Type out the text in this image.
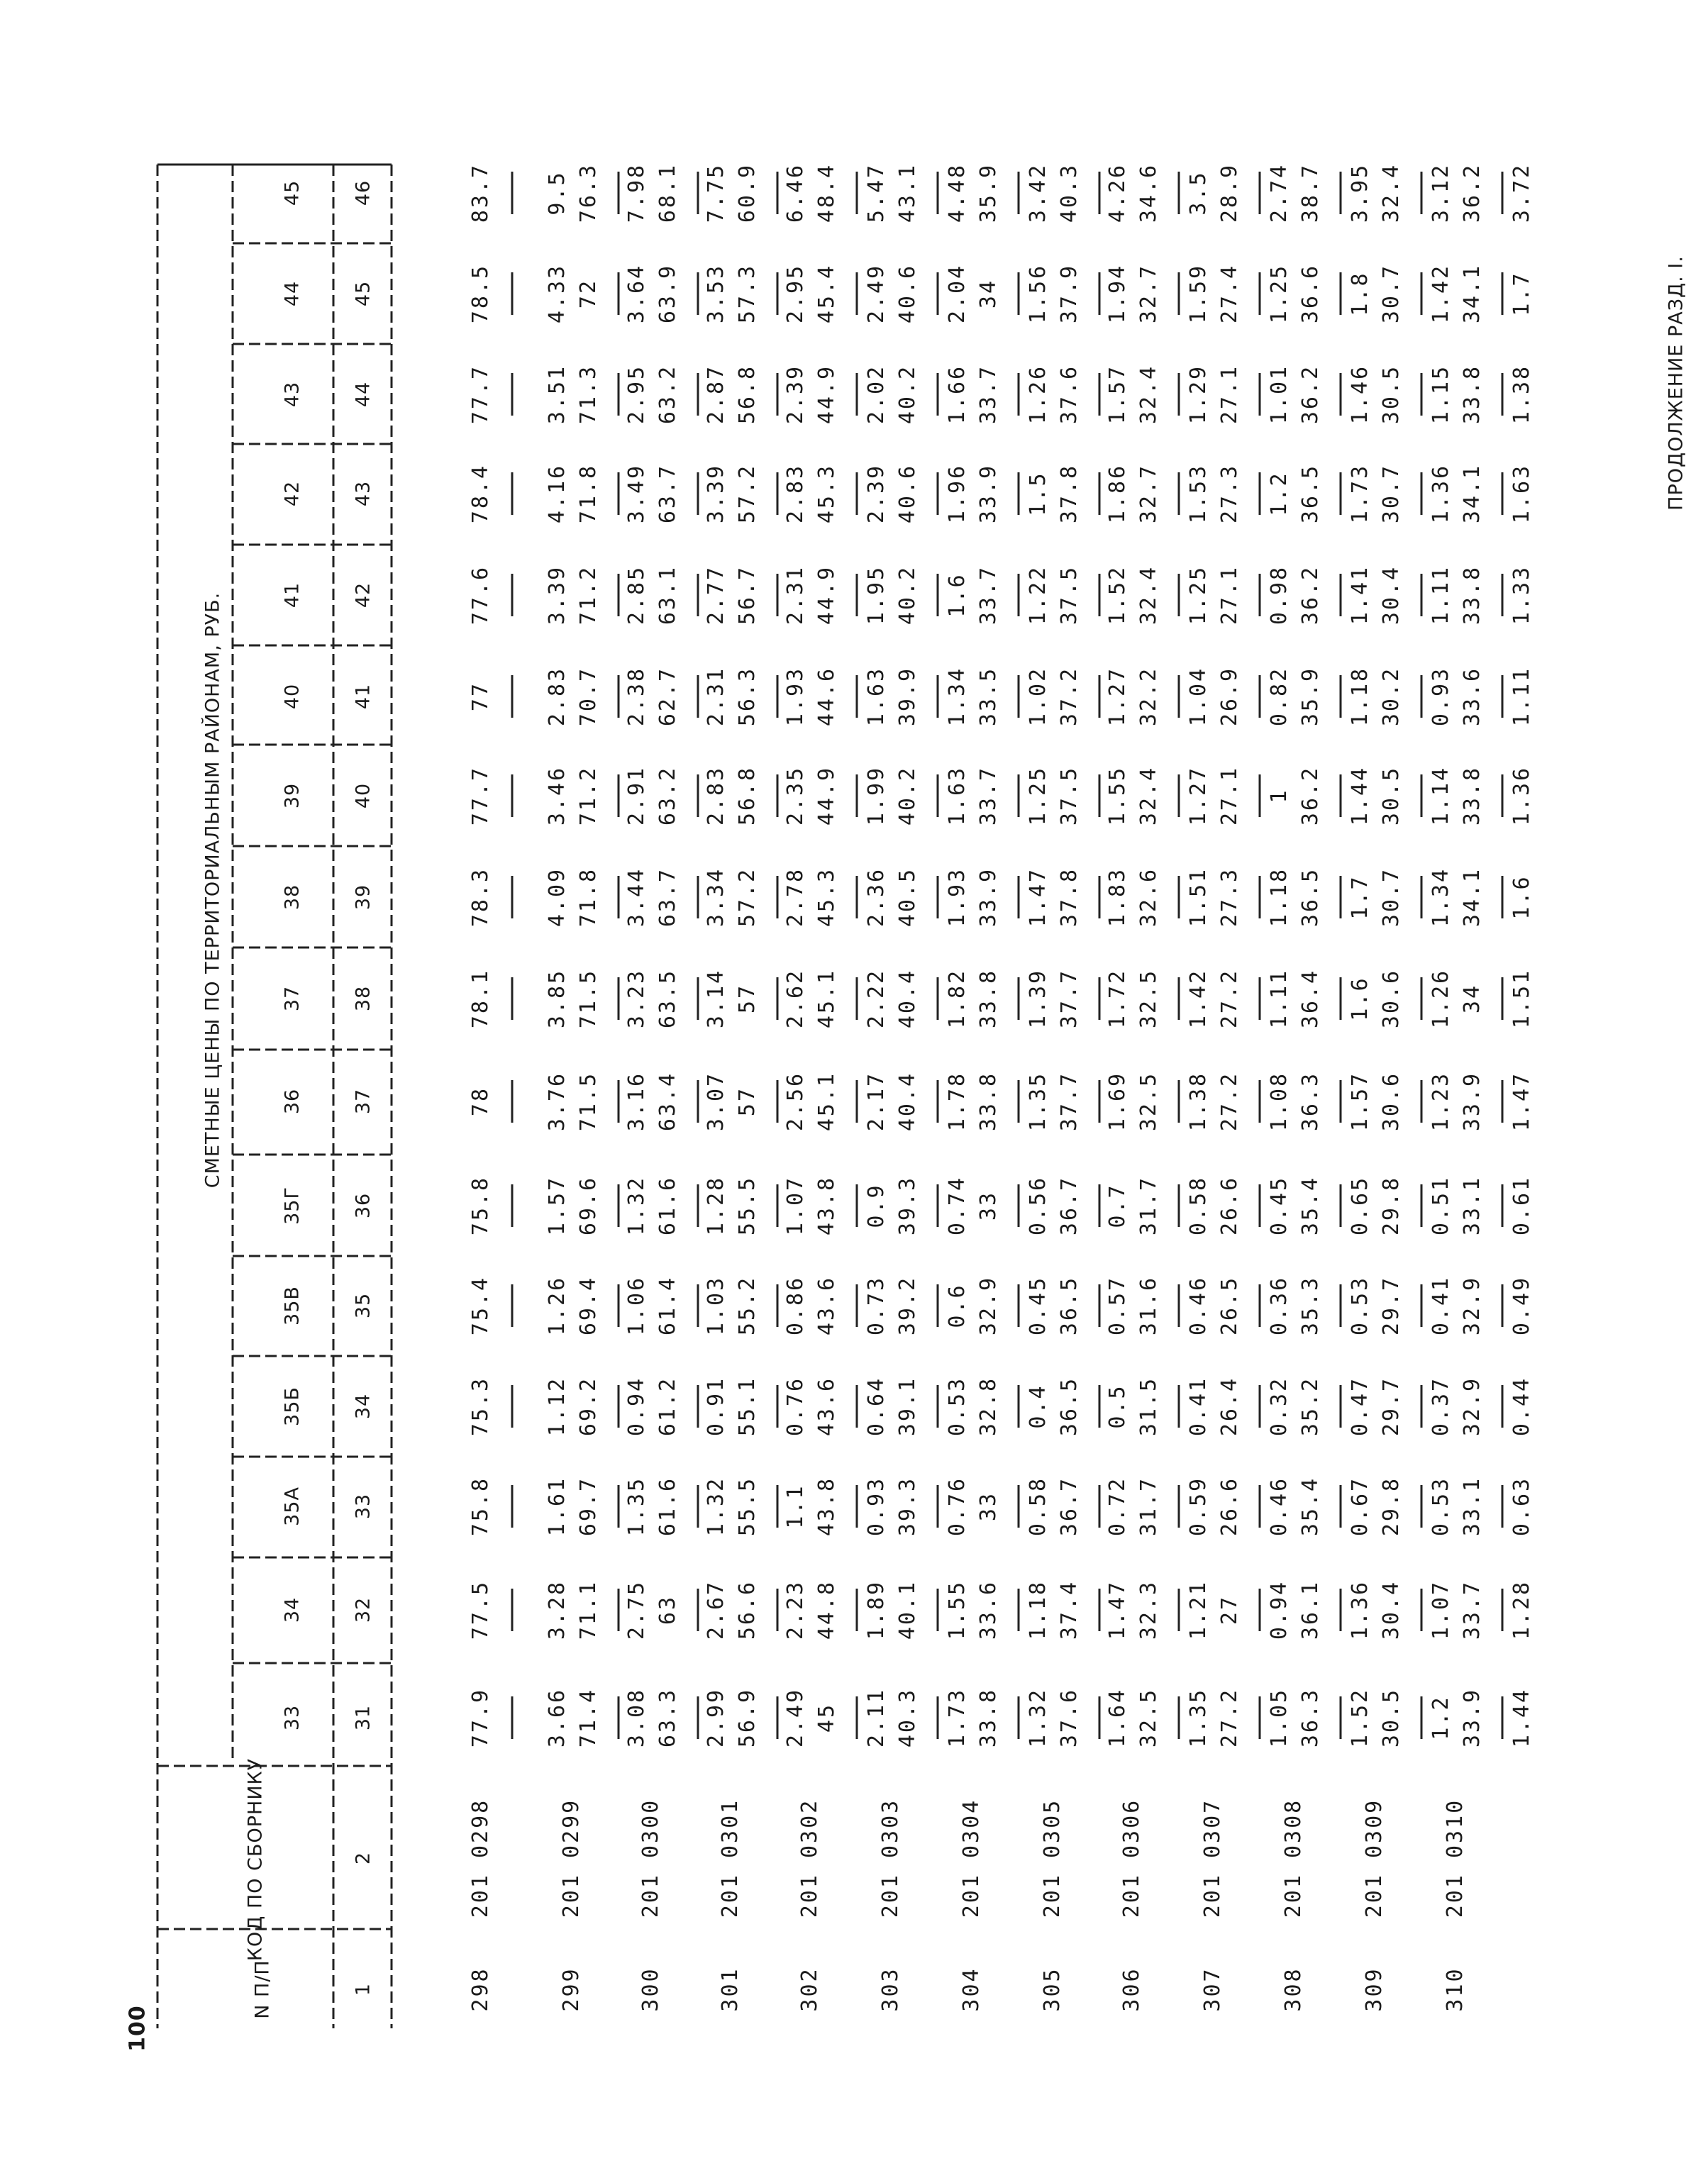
100
ПРОДОЛЖЕНИЕ РАЗД. I.
СМЕТНЫЕ ЦЕНЫ ПО ТЕРРИТОРИАЛЬНЫМ РАЙОНАМ, РУБ.
N П/П
КОД ПО СБОРНИКУ
1
2
33
34
35А
35Б
35В
35Г
36
37
38
39
40
41
42
43
44
45
31
32
33
34
35
36
37
38
39
40
41
42
43
44
45
46
298
201 0298
77.9
77.5
75.8
75.3
75.4
75.8
78
78.1
78.3
77.7
77
77.6
78.4
77.7
78.5
83.7
299
201 0299
3.66
3.28
1.61
1.12
1.26
1.57
3.76
3.85
4.09
3.46
2.83
3.39
4.16
3.51
4.33
9.5
71.4
71.1
69.7
69.2
69.4
69.6
71.5
71.5
71.8
71.2
70.7
71.2
71.8
71.3
72
76.3
300
201 0300
3.08
2.75
1.35
0.94
1.06
1.32
3.16
3.23
3.44
2.91
2.38
2.85
3.49
2.95
3.64
7.98
63.3
63
61.6
61.2
61.4
61.6
63.4
63.5
63.7
63.2
62.7
63.1
63.7
63.2
63.9
68.1
301
201 0301
2.99
2.67
1.32
0.91
1.03
1.28
3.07
3.14
3.34
2.83
2.31
2.77
3.39
2.87
3.53
7.75
56.9
56.6
55.5
55.1
55.2
55.5
57
57
57.2
56.8
56.3
56.7
57.2
56.8
57.3
60.9
302
201 0302
2.49
2.23
1.1
0.76
0.86
1.07
2.56
2.62
2.78
2.35
1.93
2.31
2.83
2.39
2.95
6.46
45
44.8
43.8
43.6
43.6
43.8
45.1
45.1
45.3
44.9
44.6
44.9
45.3
44.9
45.4
48.4
303
201 0303
2.11
1.89
0.93
0.64
0.73
0.9
2.17
2.22
2.36
1.99
1.63
1.95
2.39
2.02
2.49
5.47
40.3
40.1
39.3
39.1
39.2
39.3
40.4
40.4
40.5
40.2
39.9
40.2
40.6
40.2
40.6
43.1
304
201 0304
1.73
1.55
0.76
0.53
0.6
0.74
1.78
1.82
1.93
1.63
1.34
1.6
1.96
1.66
2.04
4.48
33.8
33.6
33
32.8
32.9
33
33.8
33.8
33.9
33.7
33.5
33.7
33.9
33.7
34
35.9
305
201 0305
1.32
1.18
0.58
0.4
0.45
0.56
1.35
1.39
1.47
1.25
1.02
1.22
1.5
1.26
1.56
3.42
37.6
37.4
36.7
36.5
36.5
36.7
37.7
37.7
37.8
37.5
37.2
37.5
37.8
37.6
37.9
40.3
306
201 0306
1.64
1.47
0.72
0.5
0.57
0.7
1.69
1.72
1.83
1.55
1.27
1.52
1.86
1.57
1.94
4.26
32.5
32.3
31.7
31.5
31.6
31.7
32.5
32.5
32.6
32.4
32.2
32.4
32.7
32.4
32.7
34.6
307
201 0307
1.35
1.21
0.59
0.41
0.46
0.58
1.38
1.42
1.51
1.27
1.04
1.25
1.53
1.29
1.59
3.5
27.2
27
26.6
26.4
26.5
26.6
27.2
27.2
27.3
27.1
26.9
27.1
27.3
27.1
27.4
28.9
308
201 0308
1.05
0.94
0.46
0.32
0.36
0.45
1.08
1.11
1.18
1
0.82
0.98
1.2
1.01
1.25
2.74
36.3
36.1
35.4
35.2
35.3
35.4
36.3
36.4
36.5
36.2
35.9
36.2
36.5
36.2
36.6
38.7
309
201 0309
1.52
1.36
0.67
0.47
0.53
0.65
1.57
1.6
1.7
1.44
1.18
1.41
1.73
1.46
1.8
3.95
30.5
30.4
29.8
29.7
29.7
29.8
30.6
30.6
30.7
30.5
30.2
30.4
30.7
30.5
30.7
32.4
310
201 0310
1.2
1.07
0.53
0.37
0.41
0.51
1.23
1.26
1.34
1.14
0.93
1.11
1.36
1.15
1.42
3.12
33.9
33.7
33.1
32.9
32.9
33.1
33.9
34
34.1
33.8
33.6
33.8
34.1
33.8
34.1
36.2
1.44
1.28
0.63
0.44
0.49
0.61
1.47
1.51
1.6
1.36
1.11
1.33
1.63
1.38
1.7
3.72
